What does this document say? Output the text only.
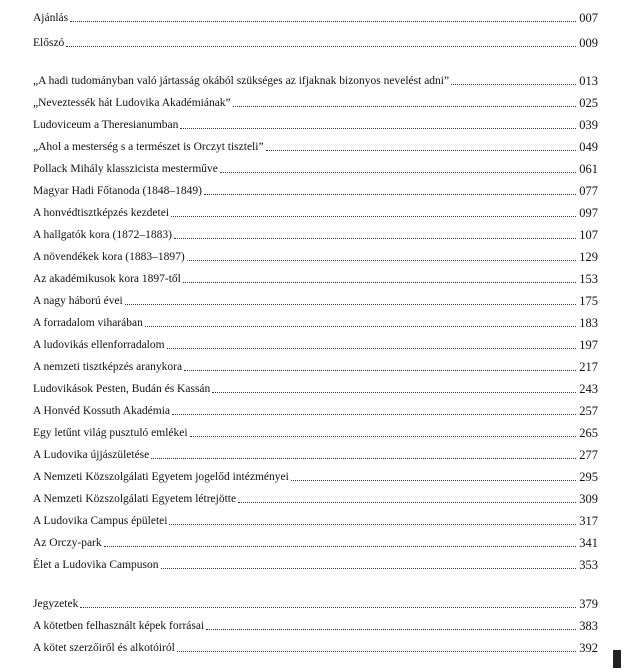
Ajánlás	007
Előszó	009
„A hadi tudományban való jártasság okából szükséges az ifjaknak bizonyos nevelést adni”	013
„Neveztessék hát Ludovika Akadémiának”	025
Ludoviceum a Theresianumban	039
„Ahol a mesterség s a természet is Orczyt tiszteli”	049
Pollack Mihály klasszicista mesterműve	061
Magyar Hadi Főtanoda (1848–1849)	077
A honvédtisztképzés kezdetei	097
A hallgatók kora (1872–1883)	107
A növendékek kora (1883–1897)	129
Az akadémikusok kora 1897-től	153
A nagy háború évei	175
A forradalom viharában	183
A ludovikás ellenforradalom	197
A nemzeti tisztképzés aranykora	217
Ludovikások Pesten, Budán és Kassán	243
A Honvéd Kossuth Akadémia	257
Egy letűnt világ pusztuló emlékei	265
A Ludovika újjászületése	277
A Nemzeti Közszolgálati Egyetem jogelőd intézményei	295
A Nemzeti Közszolgálati Egyetem létrejötte	309
A Ludovika Campus épületei	317
Az Orczy-park	341
Élet a Ludovika Campuson	353
Jegyzetek	379
A kötetben felhasznált képek forrásai	383
A kötet szerzőiről és alkotóiról	392
